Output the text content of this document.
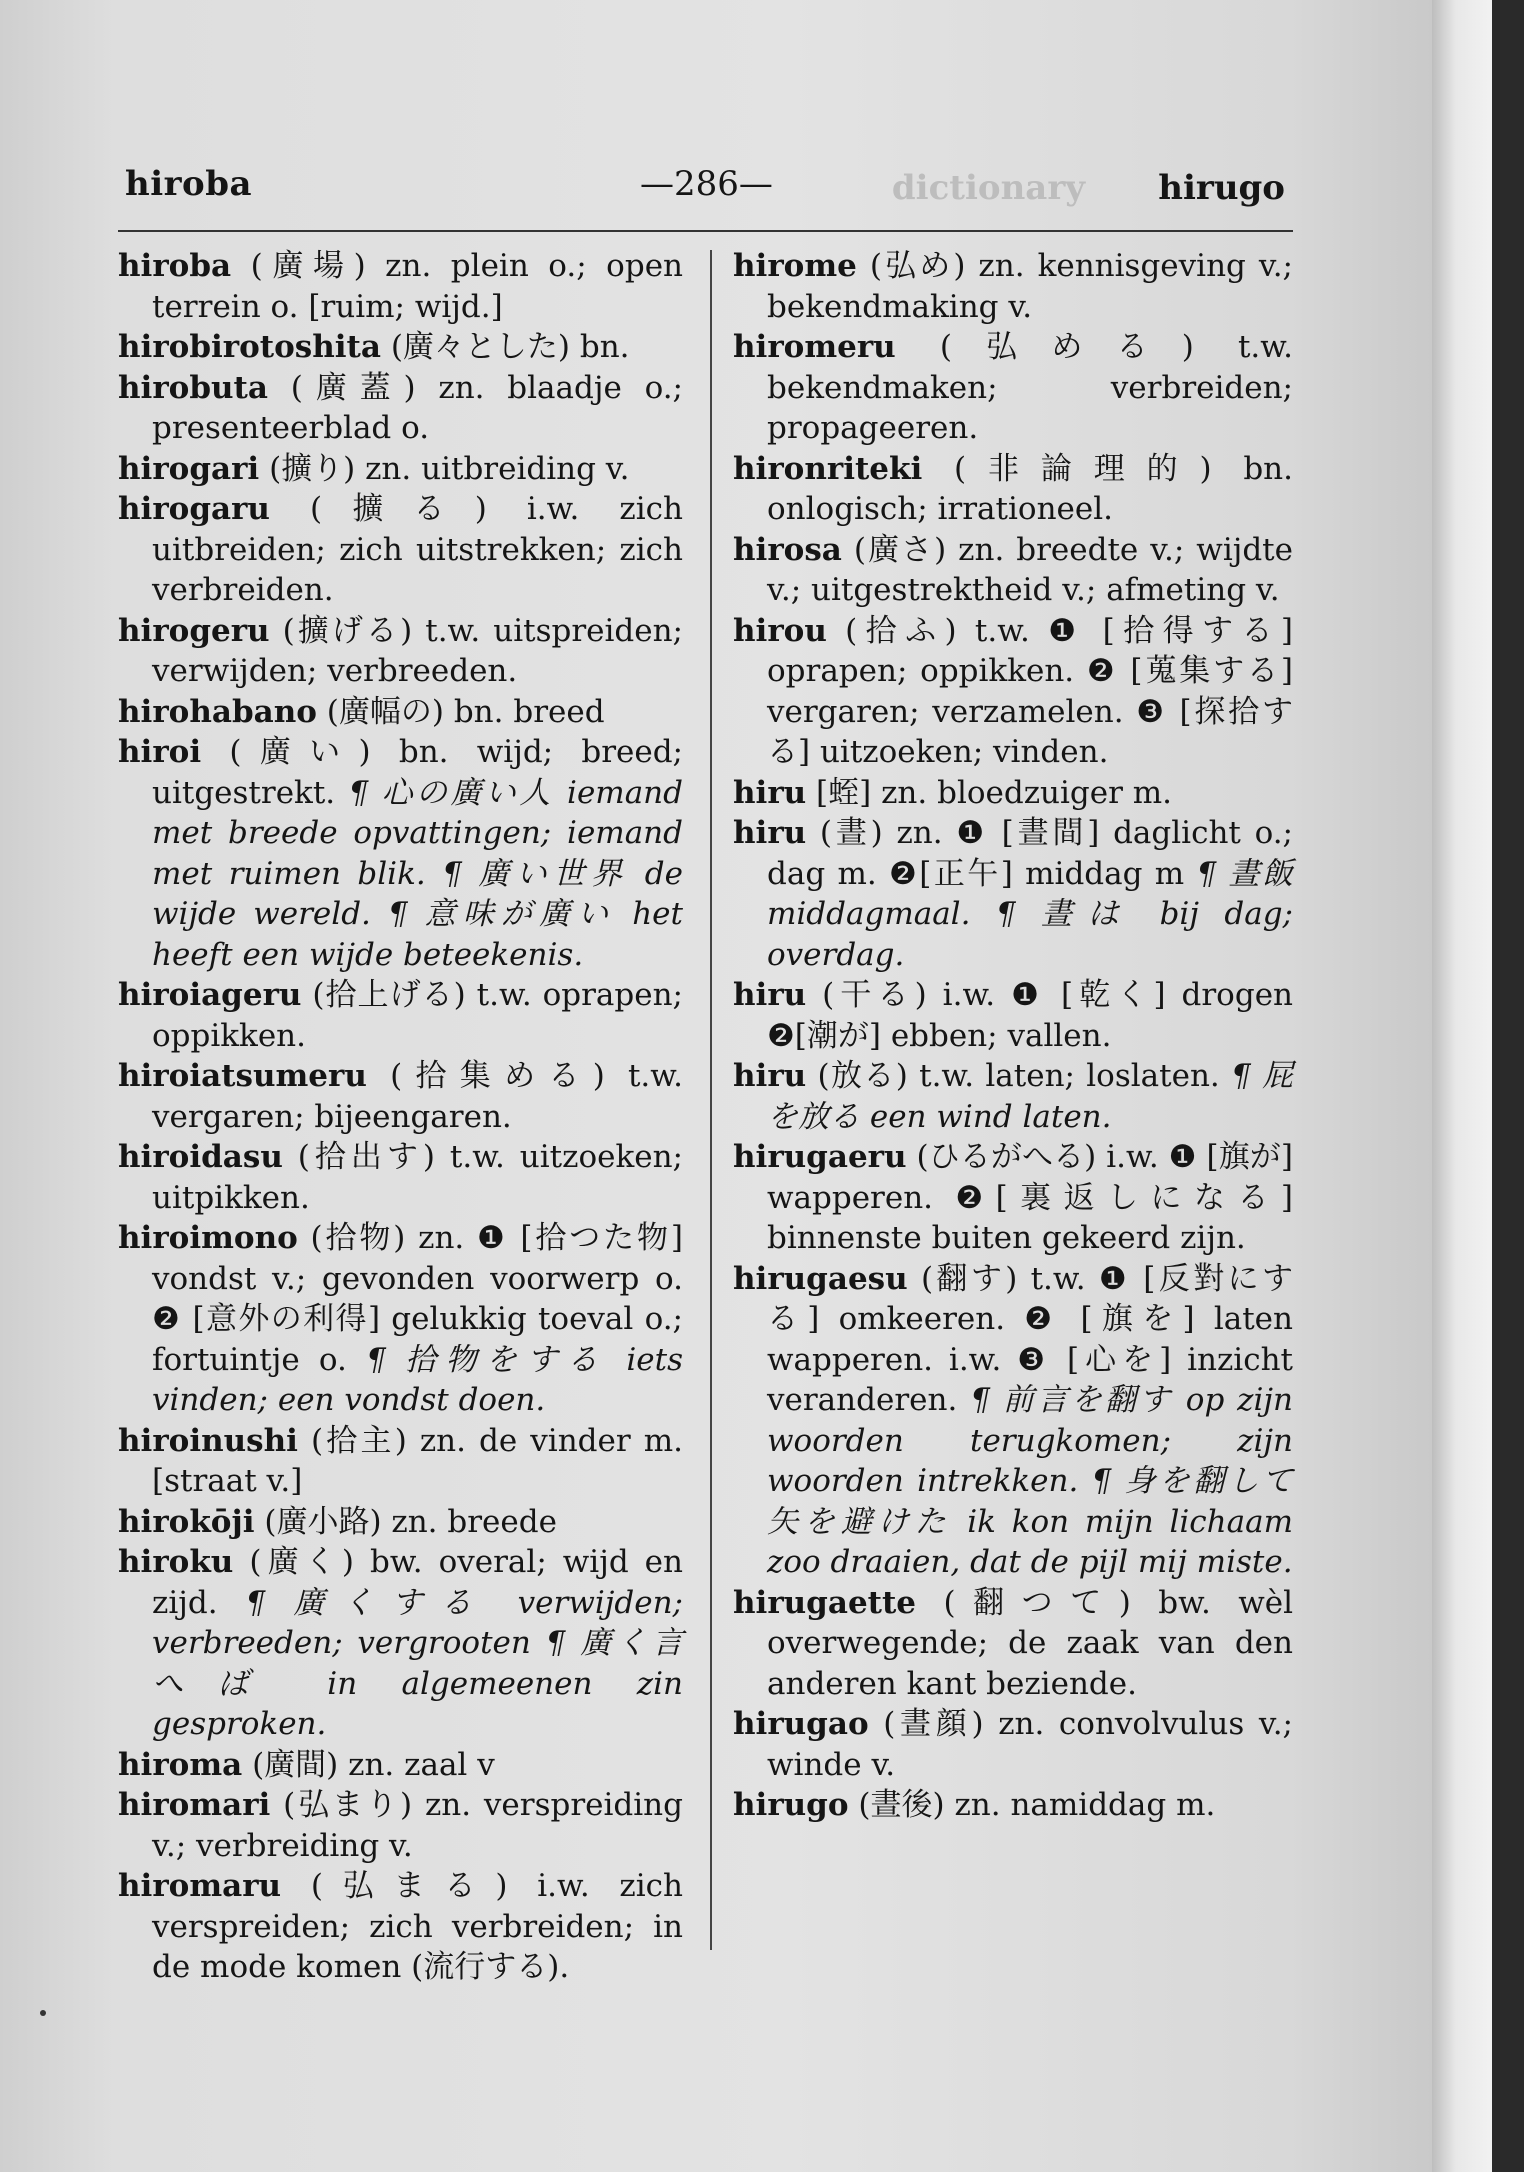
hiroba	—286—	dictionary hirugo
hiroba (廣場) zn. plein o.; open terrein o. [ruim; wijd.]
hirobirotoshita (廣々とした) bn.
hirobuta (廣蓋) zn. blaadje o.; presenteerblad o.
hirogari (擴り) zn. uitbreiding v.
hirogaru (擴る) i.w. zich uitbreiden; zich uitstrekken; zich verbreiden.
hirogeru (擴げる) t.w. uitspreiden; verwijden; verbreeden.
hirohabano (廣幅の) bn. breed
hiroi (廣い) bn. wijd; breed; uitgestrekt. ¶ 心の廣い人 iemand met breede opvattingen; iemand met ruimen blik. ¶ 廣い世界 de wijde wereld. ¶ 意味が廣い het heeft een wijde beteekenis.
hiroiageru (拾上げる) t.w. oprapen; oppikken.
hiroiatsumeru (拾集める) t.w. vergaren; bijeengaren.
hiroidasu (拾出す) t.w. uitzoeken; uitpikken.
hiroimono (拾物) zn. ❶ [拾つた物] vondst v.; gevonden voorwerp o. ❷ [意外の利得] gelukkig toeval o.; fortuintje o. ¶ 拾物をする iets vinden; een vondst doen.
hiroinushi (拾主) zn. de vinder m. [straat v.]
hirokōji (廣小路) zn. breede
hiroku (廣く) bw. overal; wijd en zijd. ¶ 廣くする verwijden; verbreeden; vergrooten ¶ 廣く言へば in algemeenen zin gesproken.
hiroma (廣間) zn. zaal v
hiromari (弘まり) zn. verspreiding v.; verbreiding v.
hiromaru (弘まる) i.w. zich verspreiden; zich verbreiden; in de mode komen (流行する).
hirome (弘め) zn. kennisgeving v.; bekendmaking v.
hiromeru (弘める) t.w. bekendmaken; verbreiden; propageeren.
hironriteki (非論理的) bn. onlogisch; irrationeel.
hirosa (廣さ) zn. breedte v.; wijdte v.; uitgestrektheid v.; afmeting v.
hirou (拾ふ) t.w. ❶ [拾得する] oprapen; oppikken. ❷ [蒐集する] vergaren; verzamelen. ❸ [探拾する] uitzoeken; vinden.
hiru [蛭] zn. bloedzuiger m.
hiru (晝) zn. ❶ [晝間] daglicht o.; dag m. ❷[正午] middag m ¶ 晝飯 middagmaal. ¶ 晝は bij dag; overdag.
hiru (干る) i.w. ❶ [乾く] drogen ❷[潮が] ebben; vallen.
hiru (放る) t.w. laten; loslaten. ¶ 屁を放る een wind laten.
hirugaeru (ひるがへる) i.w. ❶ [旗が] wapperen. ❷[裏返しになる] binnenste buiten gekeerd zijn.
hirugaesu (翻す) t.w. ❶ [反對にする] omkeeren. ❷ [旗を] laten wapperen. i.w. ❸ [心を] inzicht veranderen. ¶ 前言を翻す op zijn woorden terugkomen; zijn woorden intrekken. ¶ 身を翻して矢を避けた ik kon mijn lichaam zoo draaien, dat de pijl mij miste.
hirugaette (翻つて) bw. wèl overwegende; de zaak van den anderen kant beziende.
hirugao (晝顔) zn. convolvulus v.; winde v.
hirugo (晝後) zn. namiddag m.
